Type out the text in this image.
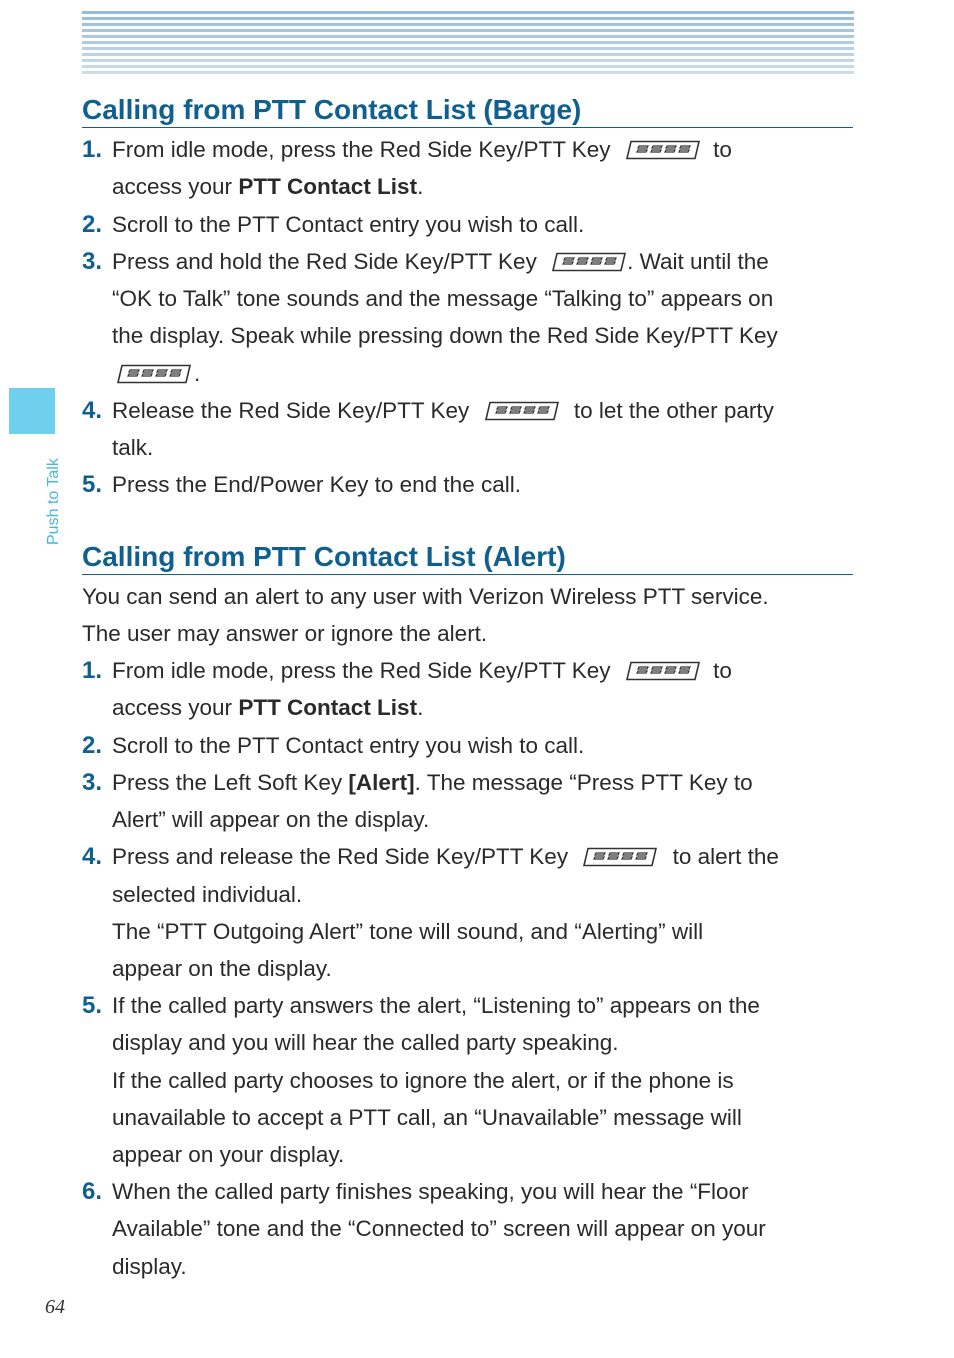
Push to Talk
Calling from PTT Contact List (Barge)
1. From idle mode, press the Red Side Key/PTT Key	to
access your PTT Contact List.
2. Scroll to the PTT Contact entry you wish to call.
3. Press and hold the Red Side Key/PTT Key	. Wait until the
“OK to Talk” tone sounds and the message “Talking to” appears on
the display. Speak while pressing down the Red Side Key/PTT Key
.
4. Release the Red Side Key/PTT Key	to let the other party
talk.
5. Press the End/Power Key to end the call.
Calling from PTT Contact List (Alert)
You can send an alert to any user with Verizon Wireless PTT service.
The user may answer or ignore the alert.
1. From idle mode, press the Red Side Key/PTT Key	to
access your PTT Contact List.
2. Scroll to the PTT Contact entry you wish to call.
3. Press the Left Soft Key [Alert]. The message “Press PTT Key to
Alert” will appear on the display.
4. Press and release the Red Side Key/PTT Key	to alert the
selected individual.
The “PTT Outgoing Alert” tone will sound, and “Alerting” will
appear on the display.
5. If the called party answers the alert, “Listening to” appears on the
display and you will hear the called party speaking.
If the called party chooses to ignore the alert, or if the phone is
unavailable to accept a PTT call, an “Unavailable” message will
appear on your display.
6. When the called party finishes speaking, you will hear the “Floor
Available” tone and the “Connected to” screen will appear on your
display.
64
